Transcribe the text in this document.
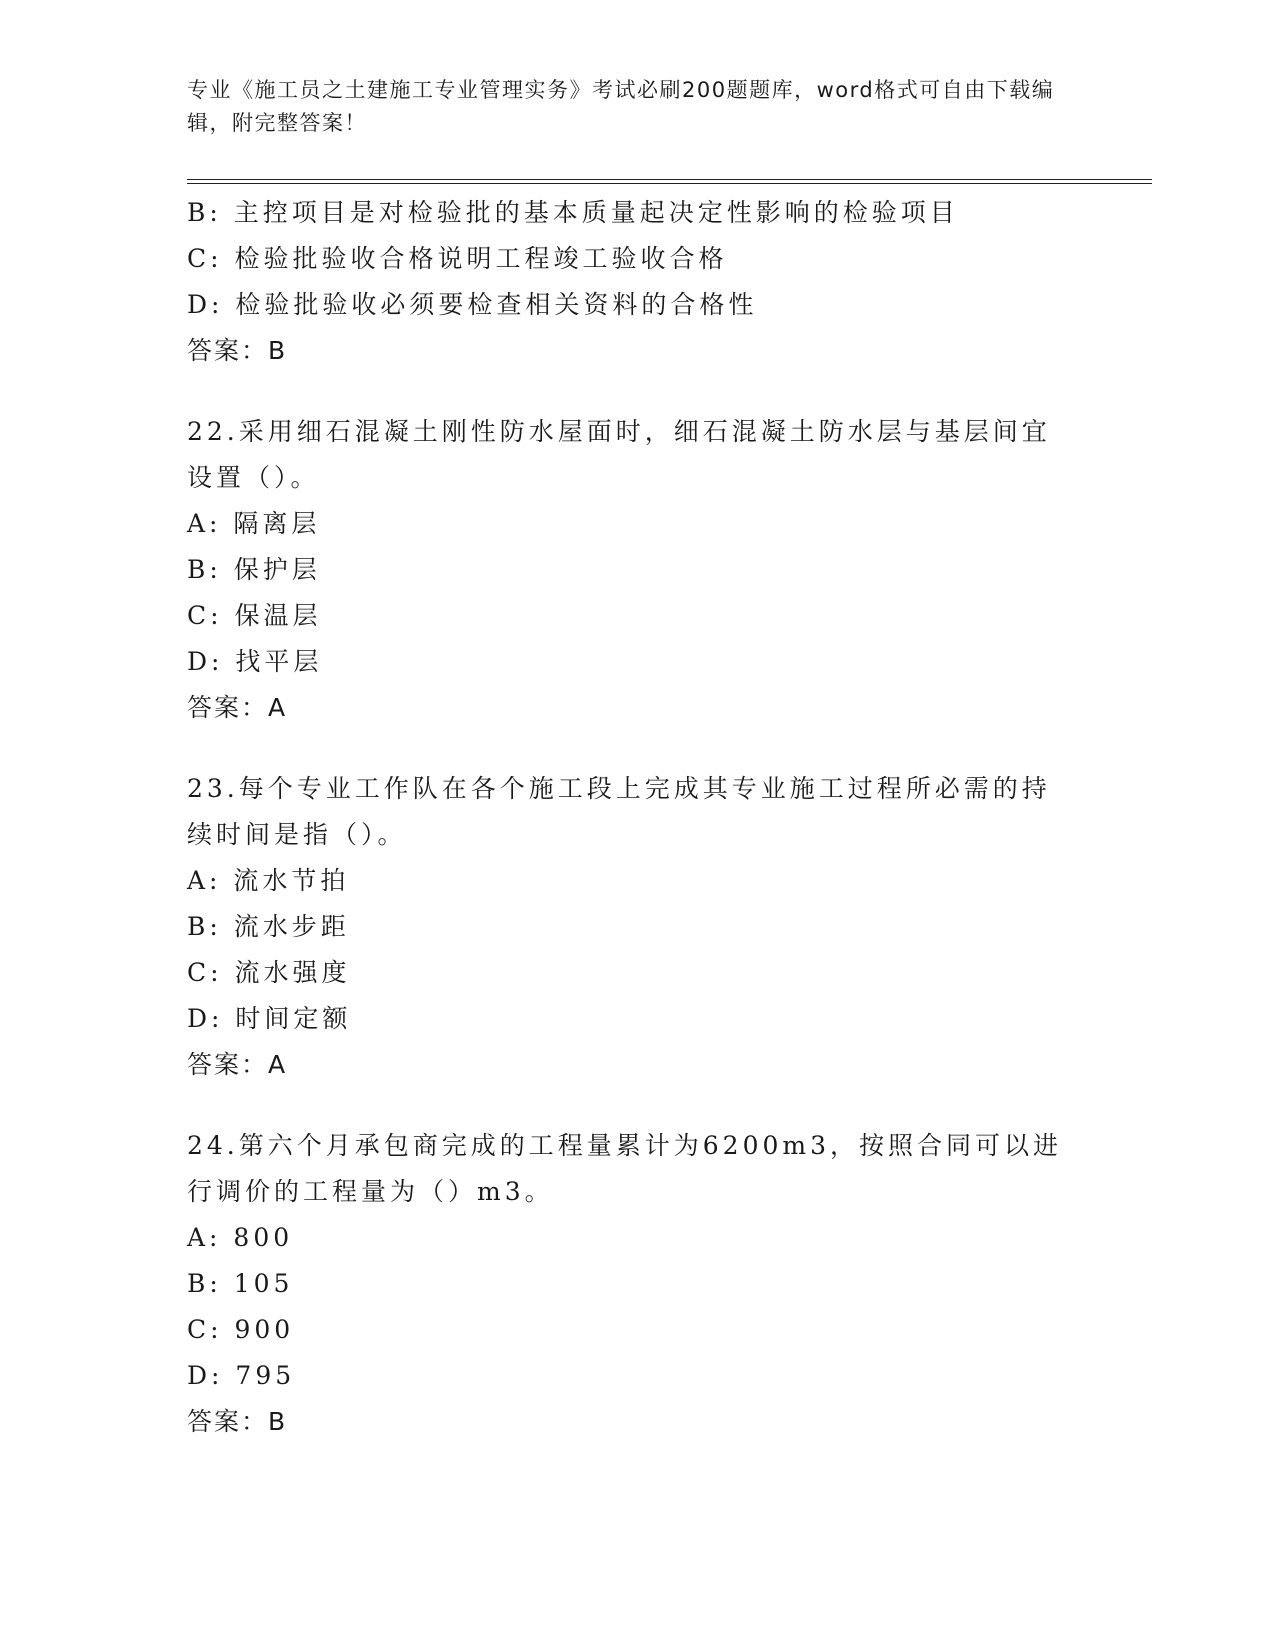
专业《施工员之土建施工专业管理实务》考试必刷200题题库，word格式可自由下载编辑，附完整答案！
B: 主控项目是对检验批的基本质量起决定性影响的检验项目
C: 检验批验收合格说明工程竣工验收合格
D: 检验批验收必须要检查相关资料的合格性
答案：B
22.采用细石混凝土刚性防水屋面时，细石混凝土防水层与基层间宜设置（）。
A: 隔离层
B: 保护层
C: 保温层
D: 找平层
答案：A
23.每个专业工作队在各个施工段上完成其专业施工过程所必需的持续时间是指（）。
A: 流水节拍
B: 流水步距
C: 流水强度
D: 时间定额
答案：A
24.第六个月承包商完成的工程量累计为6200m3，按照合同可以进行调价的工程量为（）m3。
A: 800
B: 105
C: 900
D: 795
答案：B
